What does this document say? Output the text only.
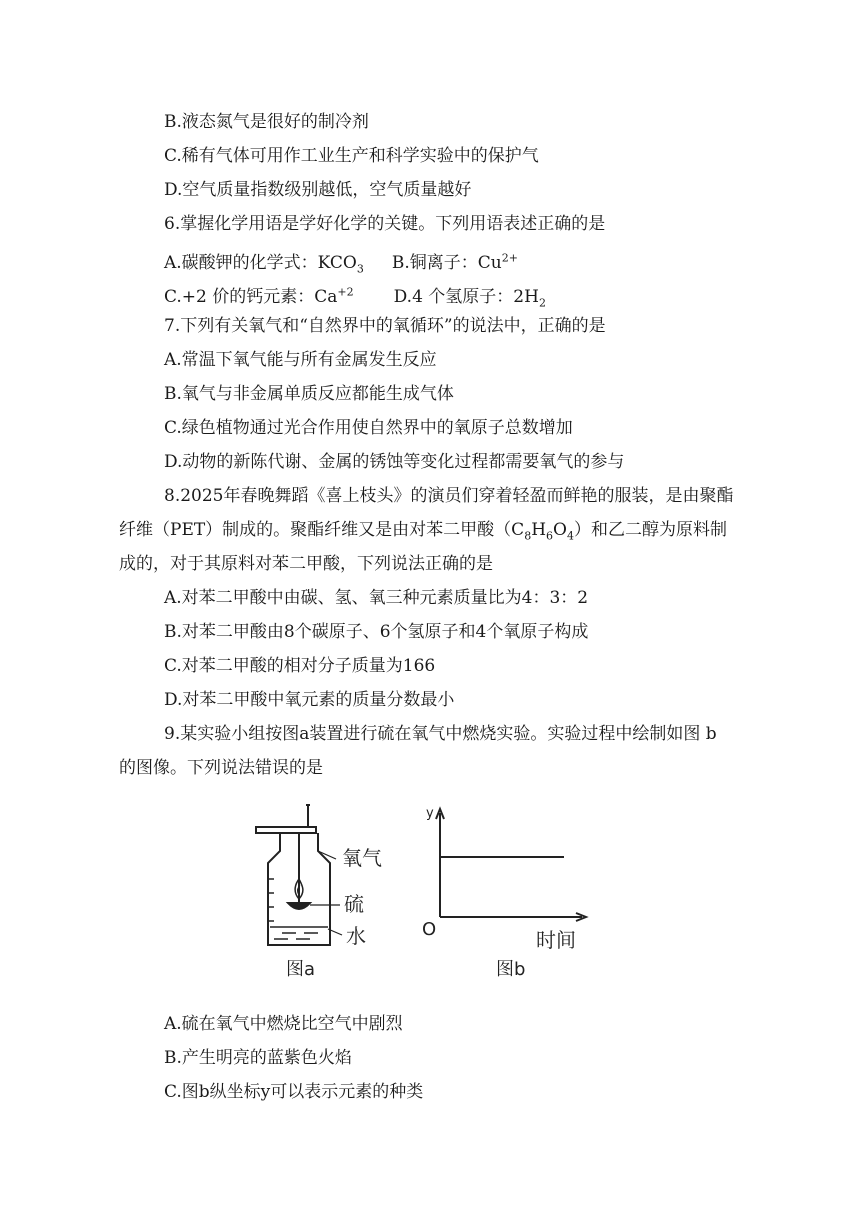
B.液态氮气是很好的制冷剂
C.稀有气体可用作工业生产和科学实验中的保护气
D.空气质量指数级别越低，空气质量越好
6.掌握化学用语是学好化学的关键。下列用语表述正确的是
A.碳酸钾的化学式：$KCO_3$ B.铜离子：$Cu^{2+}$
C.+2 价的钙元素：$Ca^{+2}$ D.4 个氢原子：$2H_2$
7.下列有关氧气和“自然界中的氧循环”的说法中，正确的是
A.常温下氧气能与所有金属发生反应
B.氧气与非金属单质反应都能生成气体
C.绿色植物通过光合作用使自然界中的氧原子总数增加
D.动物的新陈代谢、金属的锈蚀等变化过程都需要氧气的参与
8.2025年春晚舞蹈《喜上枝头》的演员们穿着轻盈而鲜艳的服装，是由聚酯
纤维（PET）制成的。聚酯纤维又是由对苯二甲酸$(C_8H_6O_4)$和乙二醇为原料制
成的，对于其原料对苯二甲酸，下列说法正确的是
A.对苯二甲酸中由碳、氢、氧三种元素质量比为4：3：2
B.对苯二甲酸由8个碳原子、6个氢原子和4个氧原子构成
C.对苯二甲酸的相对分子质量为166
D.对苯二甲酸中氧元素的质量分数最小
9.某实验小组按图a装置进行硫在氧气中燃烧实验。实验过程中绘制如图 b
的图像。下列说法错误的是
氧气
硫
水
图a
y
O	时间
图b
A.硫在氧气中燃烧比空气中剧烈
B.产生明亮的蓝紫色火焰
C.图b纵坐标y可以表示元素的种类
